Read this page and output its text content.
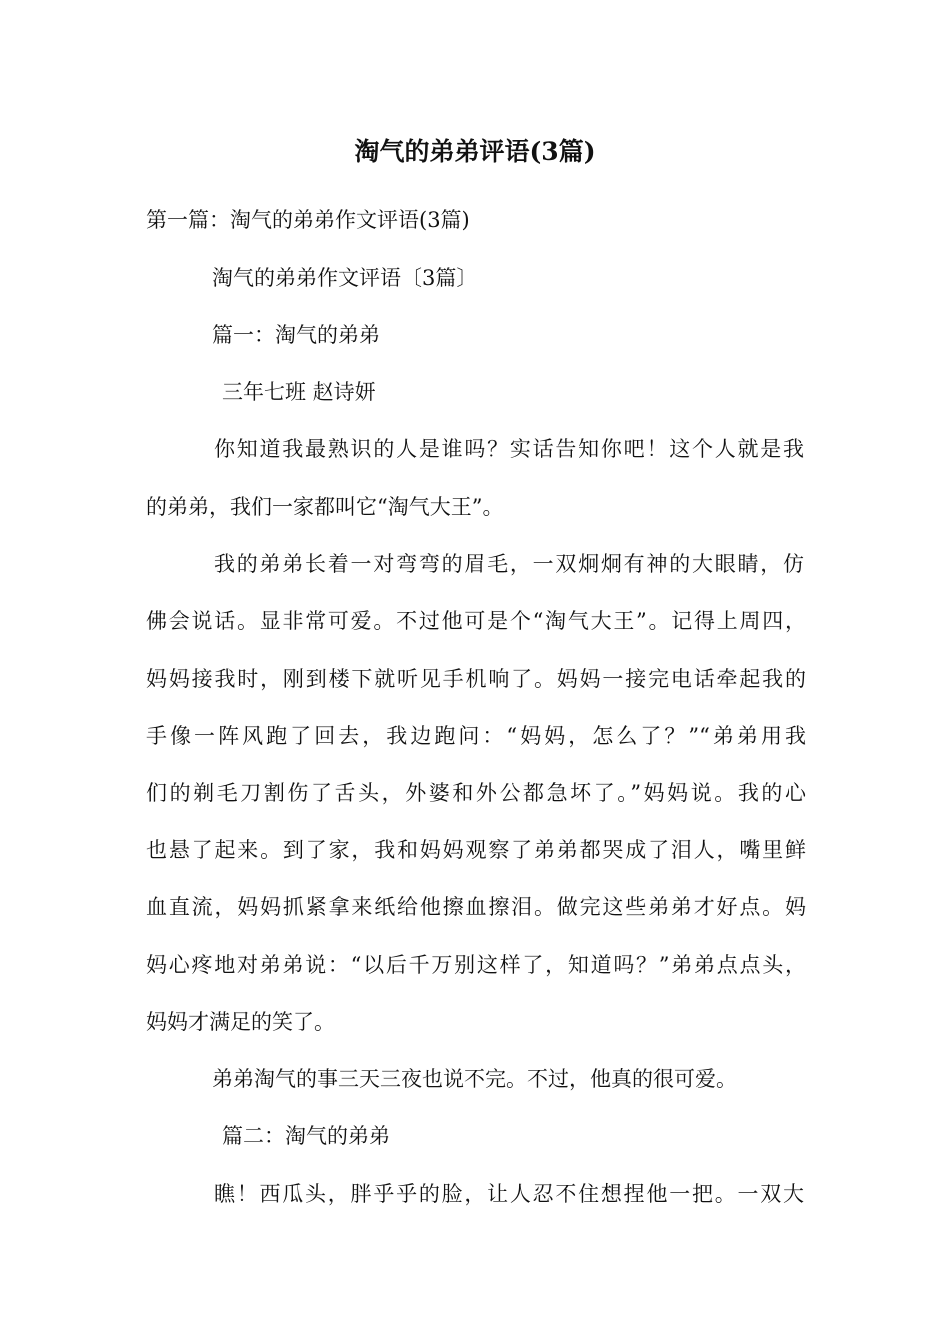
淘气的弟弟评语(3篇)
第一篇：淘气的弟弟作文评语(3篇)
淘气的弟弟作文评语〔3篇〕
篇一：淘气的弟弟
三年七班 赵诗妍
你知道我最熟识的人是谁吗？实话告知你吧！这个人就是我
的弟弟，我们一家都叫它“淘气大王”。
我的弟弟长着一对弯弯的眉毛，一双炯炯有神的大眼睛，仿
佛会说话。显非常可爱。不过他可是个“淘气大王”。记得上周四，
妈妈接我时，刚到楼下就听见手机响了。妈妈一接完电话牵起我的
手像一阵风跑了回去，我边跑问：“妈妈，怎么了？”“弟弟用我
们的剃毛刀割伤了舌头，外婆和外公都急坏了。”妈妈说。我的心
也悬了起来。到了家，我和妈妈观察了弟弟都哭成了泪人，嘴里鲜
血直流，妈妈抓紧拿来纸给他擦血擦泪。做完这些弟弟才好点。妈
妈心疼地对弟弟说：“以后千万别这样了，知道吗？”弟弟点点头，
妈妈才满足的笑了。
弟弟淘气的事三天三夜也说不完。不过，他真的很可爱。
篇二：淘气的弟弟
瞧！西瓜头，胖乎乎的脸，让人忍不住想捏他一把。一双大
